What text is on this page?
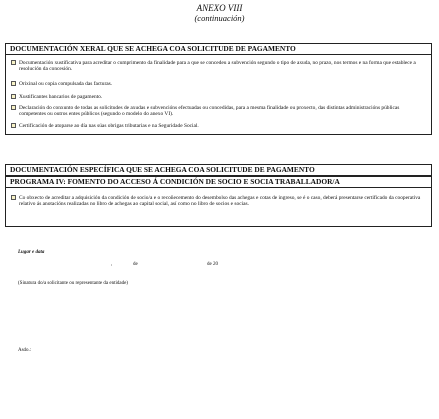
ANEXO VIII
(continuación)
DOCUMENTACIÓN XERAL QUE SE ACHEGA COA SOLICITUDE DE PAGAMENTO
Documentación xustificativa para acreditar o cumprimento da finalidade para a que se concedeu a subvención segundo o tipo de axuda, no prazo, nos termos e na forma que establece a resolución da concesión.
Orixinal ou copia compulsada das facturas.
Xustificantes bancarios de pagamento.
Declaración do conxunto de todas as solicitudes de axudas e subvencións efectuadas ou concedidas, para a mesma finalidade ou proxecto, das distintas administracións públicas competentes ou outros entes públicos (segundo o modelo do anexo VI).
Certificación de atoparse ao día nas súas obrigas tributarias e na Seguridade Social.
DOCUMENTACIÓN ESPECÍFICA QUE SE ACHEGA COA SOLICITUDE DE PAGAMENTO
PROGRAMA IV: FOMENTO DO ACCESO Á CONDICIÓN DE SOCIO E SOCIA TRABALLADOR/A
Co obxecto de acreditar a adquisición da condición de socio/a e o recoñecemento do desembolso das achegas e cotas de ingreso, se é o caso, deberá presentarse certificado da cooperativa relativo ás anotacións realizadas no libro de achegas ao capital social, así como no libro de socios e socias.
Lugar e data
,	de	de 20
(Sinatura do/a solicitante ou representante da entidade)
Asdo.:
